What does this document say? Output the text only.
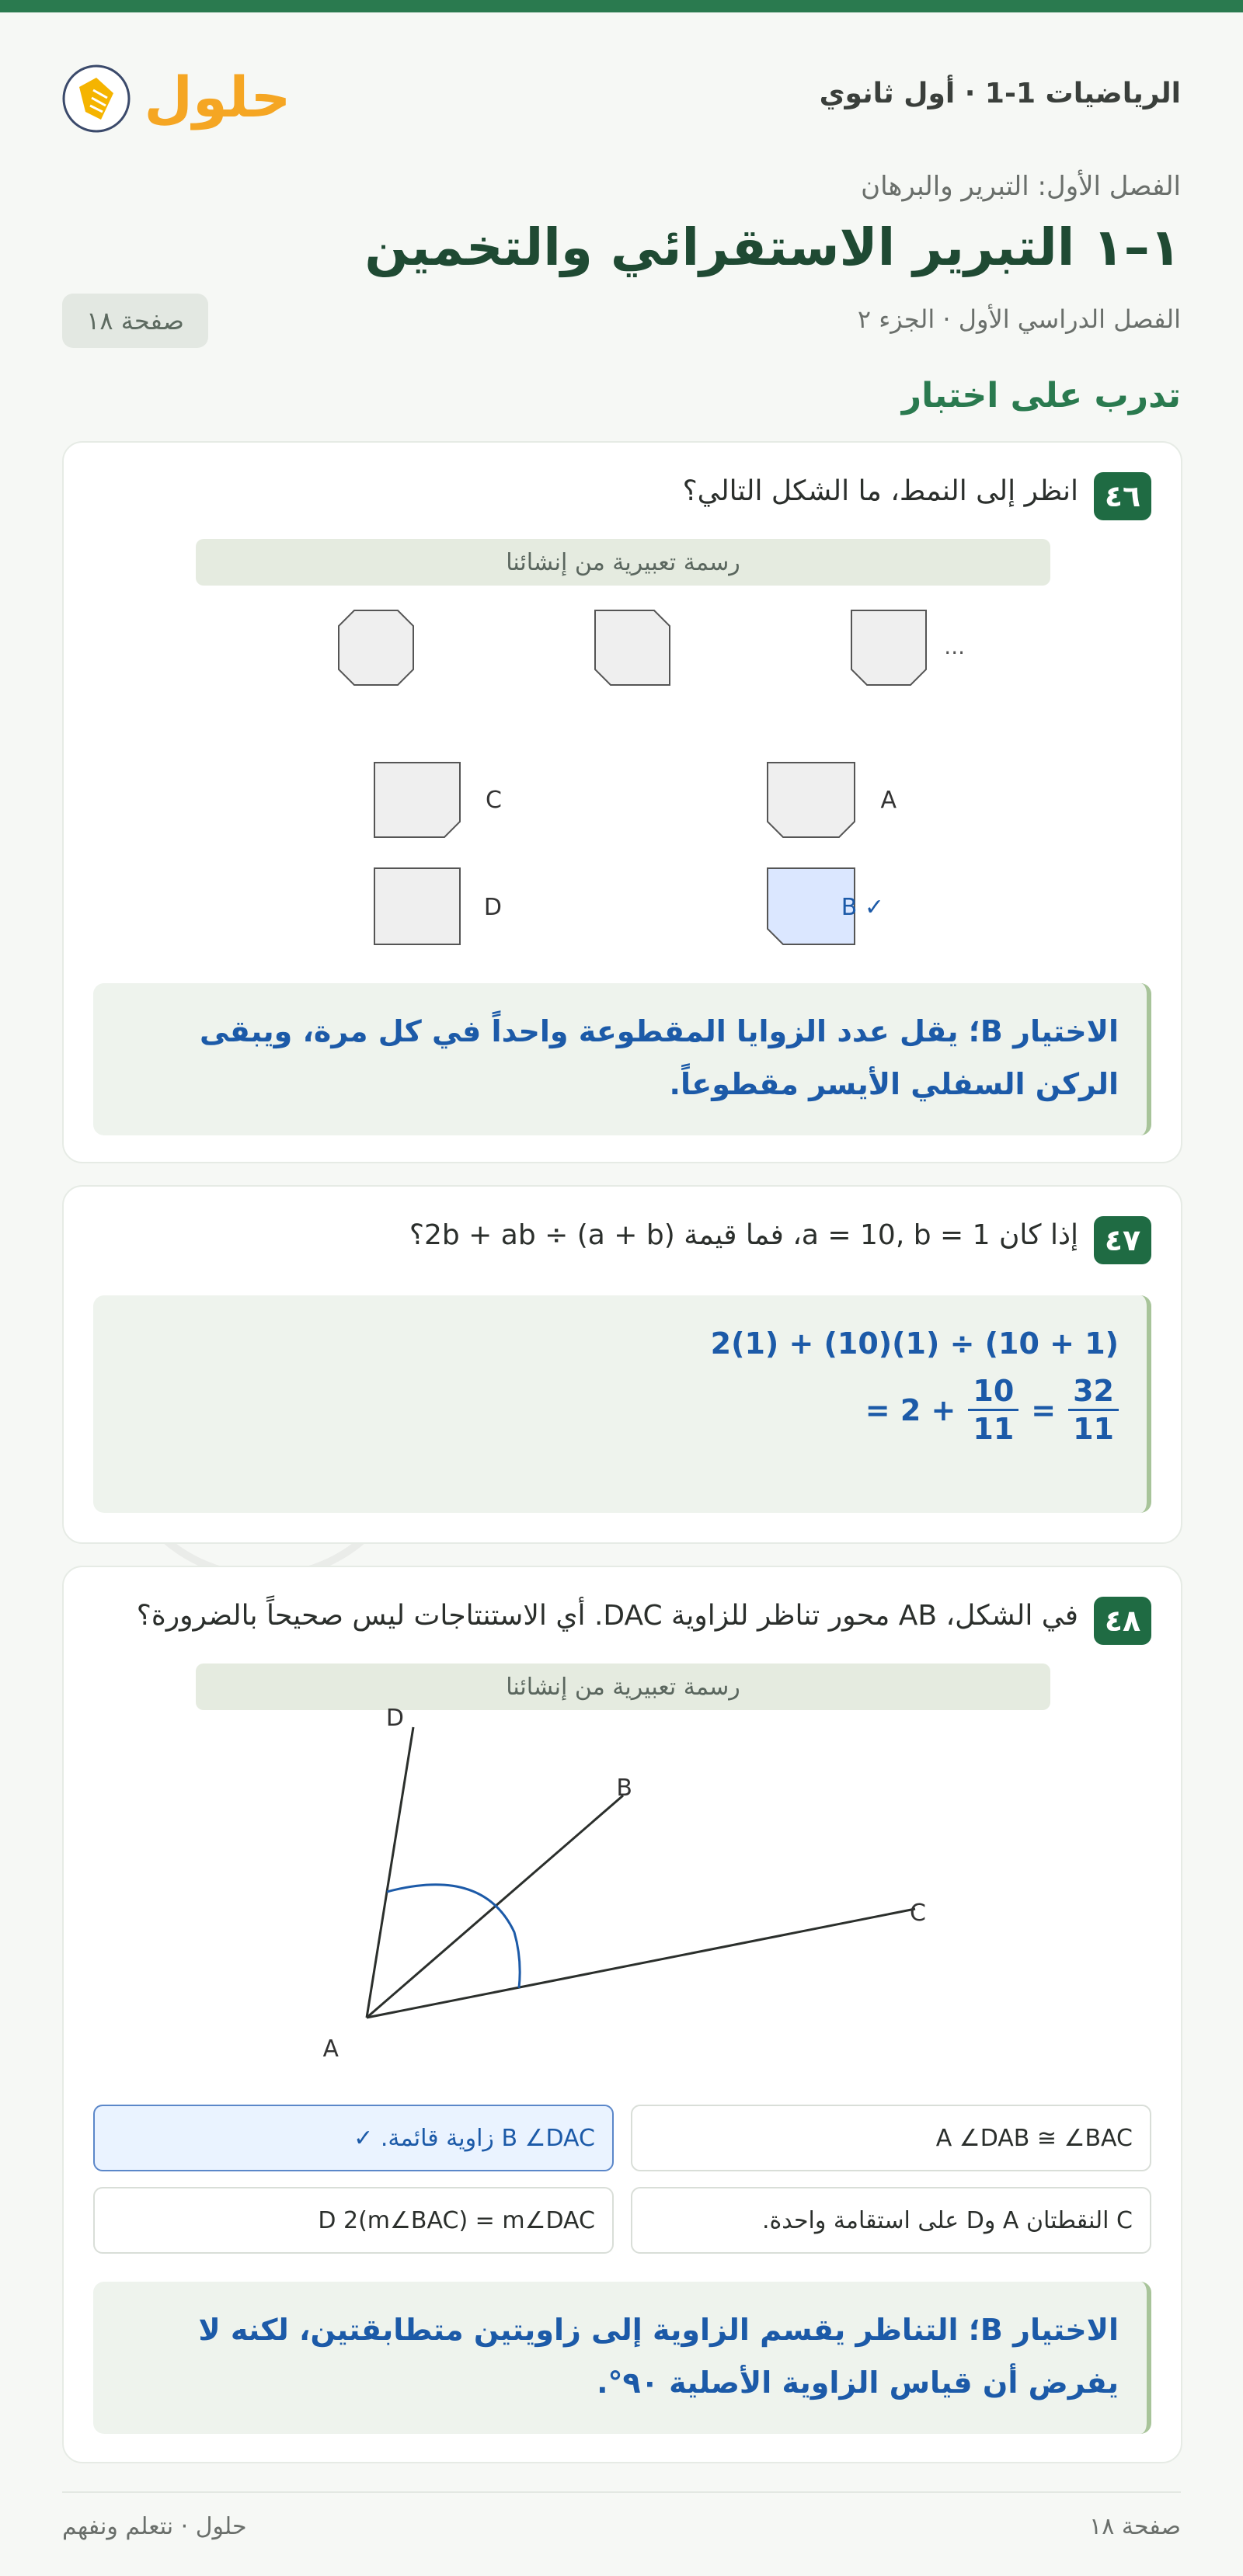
حلول	الرياضيات 1-1 · أول ثانوي
الفصل الأول: التبرير والبرهان
١–١ التبرير الاستقرائي والتخمين
الفصل الدراسي الأول · الجزء ٢
صفحة ١٨
تدرب على اختبار
٤٦
انظر إلى النمط، ما الشكل التالي؟
رسمة تعبيرية من إنشائنا
...
A
C
✓ B
D
الاختيار B؛ يقل عدد الزوايا المقطوعة واحداً في كل مرة، ويبقى الركن السفلي الأيسر مقطوعاً.
٤٧
إذا كان a = 10, b = 1، فما قيمة 2b + ab ÷ (a + b)؟
2(1) + (10)(1) ÷ (10 + 1)
= $2 + \frac{10}{11} = \frac{32}{11}$
٤٨
في الشكل، AB محور تناظر للزاوية DAC. أي الاستنتاجات ليس صحيحاً بالضرورة؟
رسمة تعبيرية من إنشائنا
A
B
C
D
A ∠DAB ≅ ∠BAC
B ∠DAC زاوية قائمة. ✓
C النقطتان A وD على استقامة واحدة.
D 2(m∠BAC) = m∠DAC
الاختيار B؛ التناظر يقسم الزاوية إلى زاويتين متطابقتين، لكنه لا يفرض أن قياس الزاوية الأصلية ٩٠°.
صفحة ١٨
حلول · نتعلم ونفهم
